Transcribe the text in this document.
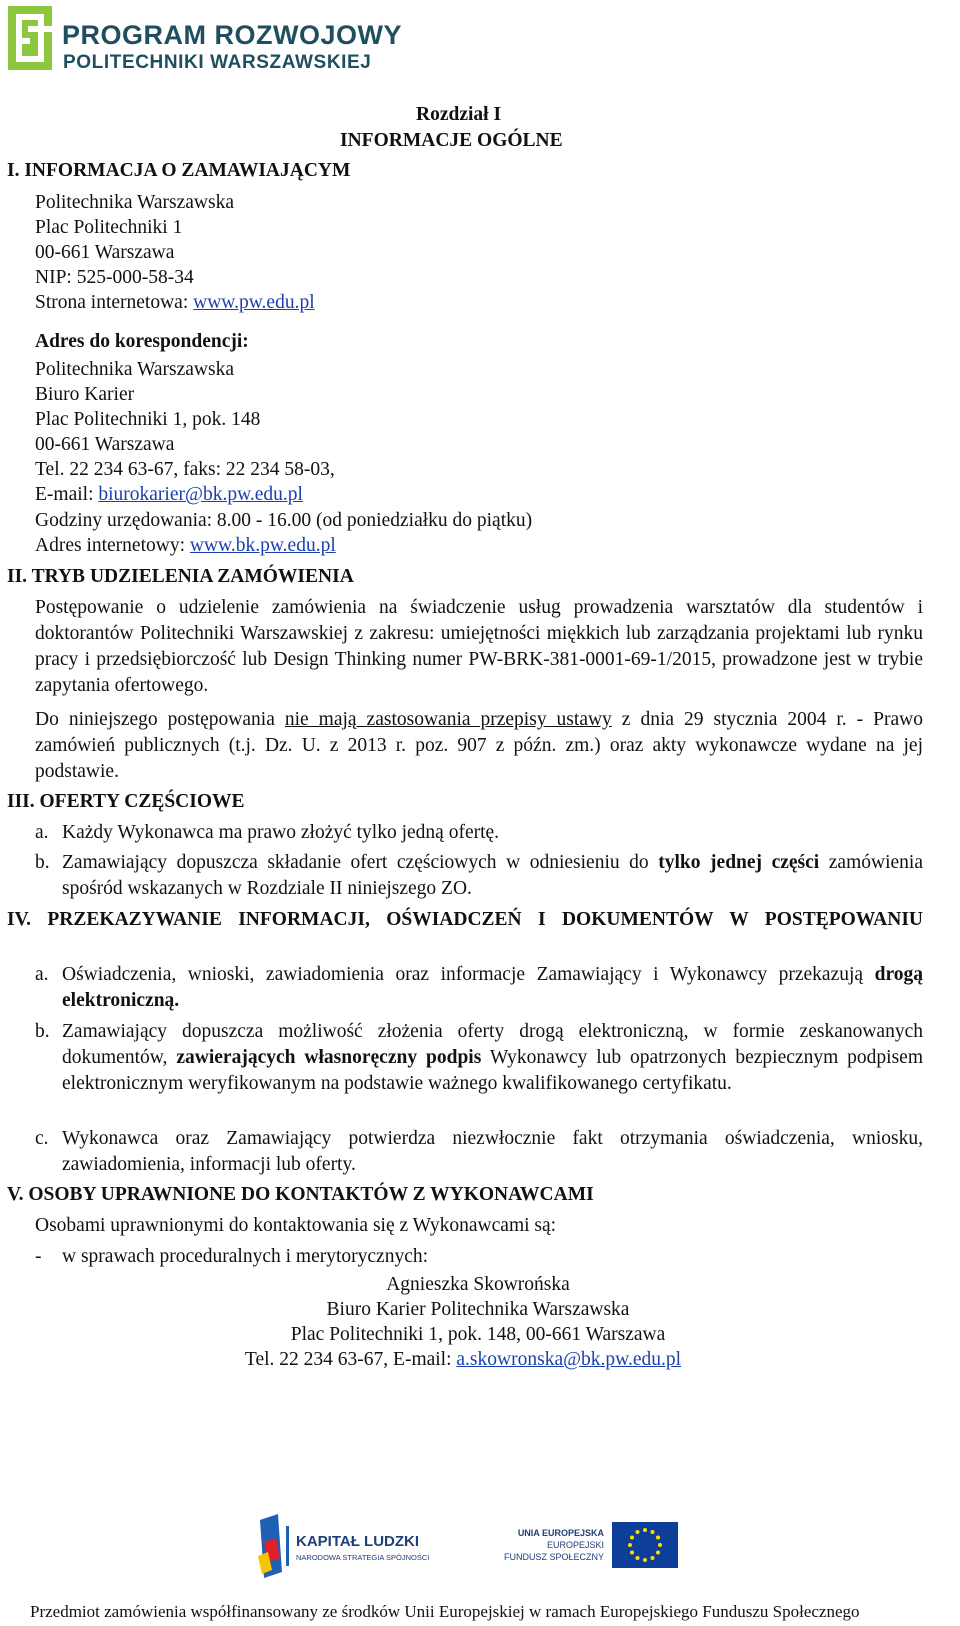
PROGRAM ROZWOJOWY
POLITECHNIKI WARSZAWSKIEJ
Rozdział I
INFORMACJE OGÓLNE
I. INFORMACJA O ZAMAWIAJĄCYM
Politechnika Warszawska
Plac Politechniki 1
00-661 Warszawa
NIP: 525-000-58-34
Strona internetowa: www.pw.edu.pl
Adres do korespondencji:
Politechnika Warszawska
Biuro Karier
Plac Politechniki 1, pok. 148
00-661 Warszawa
Tel. 22 234 63-67, faks: 22 234 58-03,
E-mail: biurokarier@bk.pw.edu.pl
Godziny urzędowania: 8.00 - 16.00 (od poniedziałku do piątku)
Adres internetowy: www.bk.pw.edu.pl
II. TRYB UDZIELENIA ZAMÓWIENIA
Postępowanie o udzielenie zamówienia na świadczenie usług prowadzenia warsztatów dla studentów i doktorantów Politechniki Warszawskiej z zakresu: umiejętności miękkich lub zarządzania projektami lub rynku pracy i przedsiębiorczość lub Design Thinking numer PW-BRK-381-0001-69-1/2015, prowadzone jest w trybie zapytania ofertowego.
Do niniejszego postępowania nie mają zastosowania przepisy ustawy z dnia 29 stycznia 2004 r. - Prawo zamówień publicznych (t.j. Dz. U. z 2013 r. poz. 907 z późn. zm.) oraz akty wykonawcze wydane na jej podstawie.
III. OFERTY CZĘŚCIOWE
a. Każdy Wykonawca ma prawo złożyć tylko jedną ofertę.
b. Zamawiający dopuszcza składanie ofert częściowych w odniesieniu do tylko jednej części zamówienia spośród wskazanych w Rozdziale II niniejszego ZO.
IV. PRZEKAZYWANIE INFORMACJI, OŚWIADCZEŃ I DOKUMENTÓW W POSTĘPOWANIU
a. Oświadczenia, wnioski, zawiadomienia oraz informacje Zamawiający i Wykonawcy przekazują drogą elektroniczną.
b. Zamawiający dopuszcza możliwość złożenia oferty drogą elektroniczną, w formie zeskanowanych dokumentów, zawierających własnoręczny podpis Wykonawcy lub opatrzonych bezpiecznym podpisem elektronicznym weryfikowanym na podstawie ważnego kwalifikowanego certyfikatu.
c. Wykonawca oraz Zamawiający potwierdza niezwłocznie fakt otrzymania oświadczenia, wniosku, zawiadomienia, informacji lub oferty.
V. OSOBY UPRAWNIONE DO KONTAKTÓW Z WYKONAWCAMI
Osobami uprawnionymi do kontaktowania się z Wykonawcami są:
- w sprawach proceduralnych i merytorycznych:
Agnieszka Skowrońska
Biuro Karier Politechnika Warszawska
Plac Politechniki 1, pok. 148, 00-661 Warszawa
Tel. 22 234 63-67, E-mail: a.skowronska@bk.pw.edu.pl
KAPITAŁ LUDZKI
NARODOWA STRATEGIA SPÓJNOŚCI
UNIA EUROPEJSKA
EUROPEJSKI
FUNDUSZ SPOŁECZNY
Przedmiot zamówienia współfinansowany ze środków Unii Europejskiej w ramach Europejskiego Funduszu Społecznego
